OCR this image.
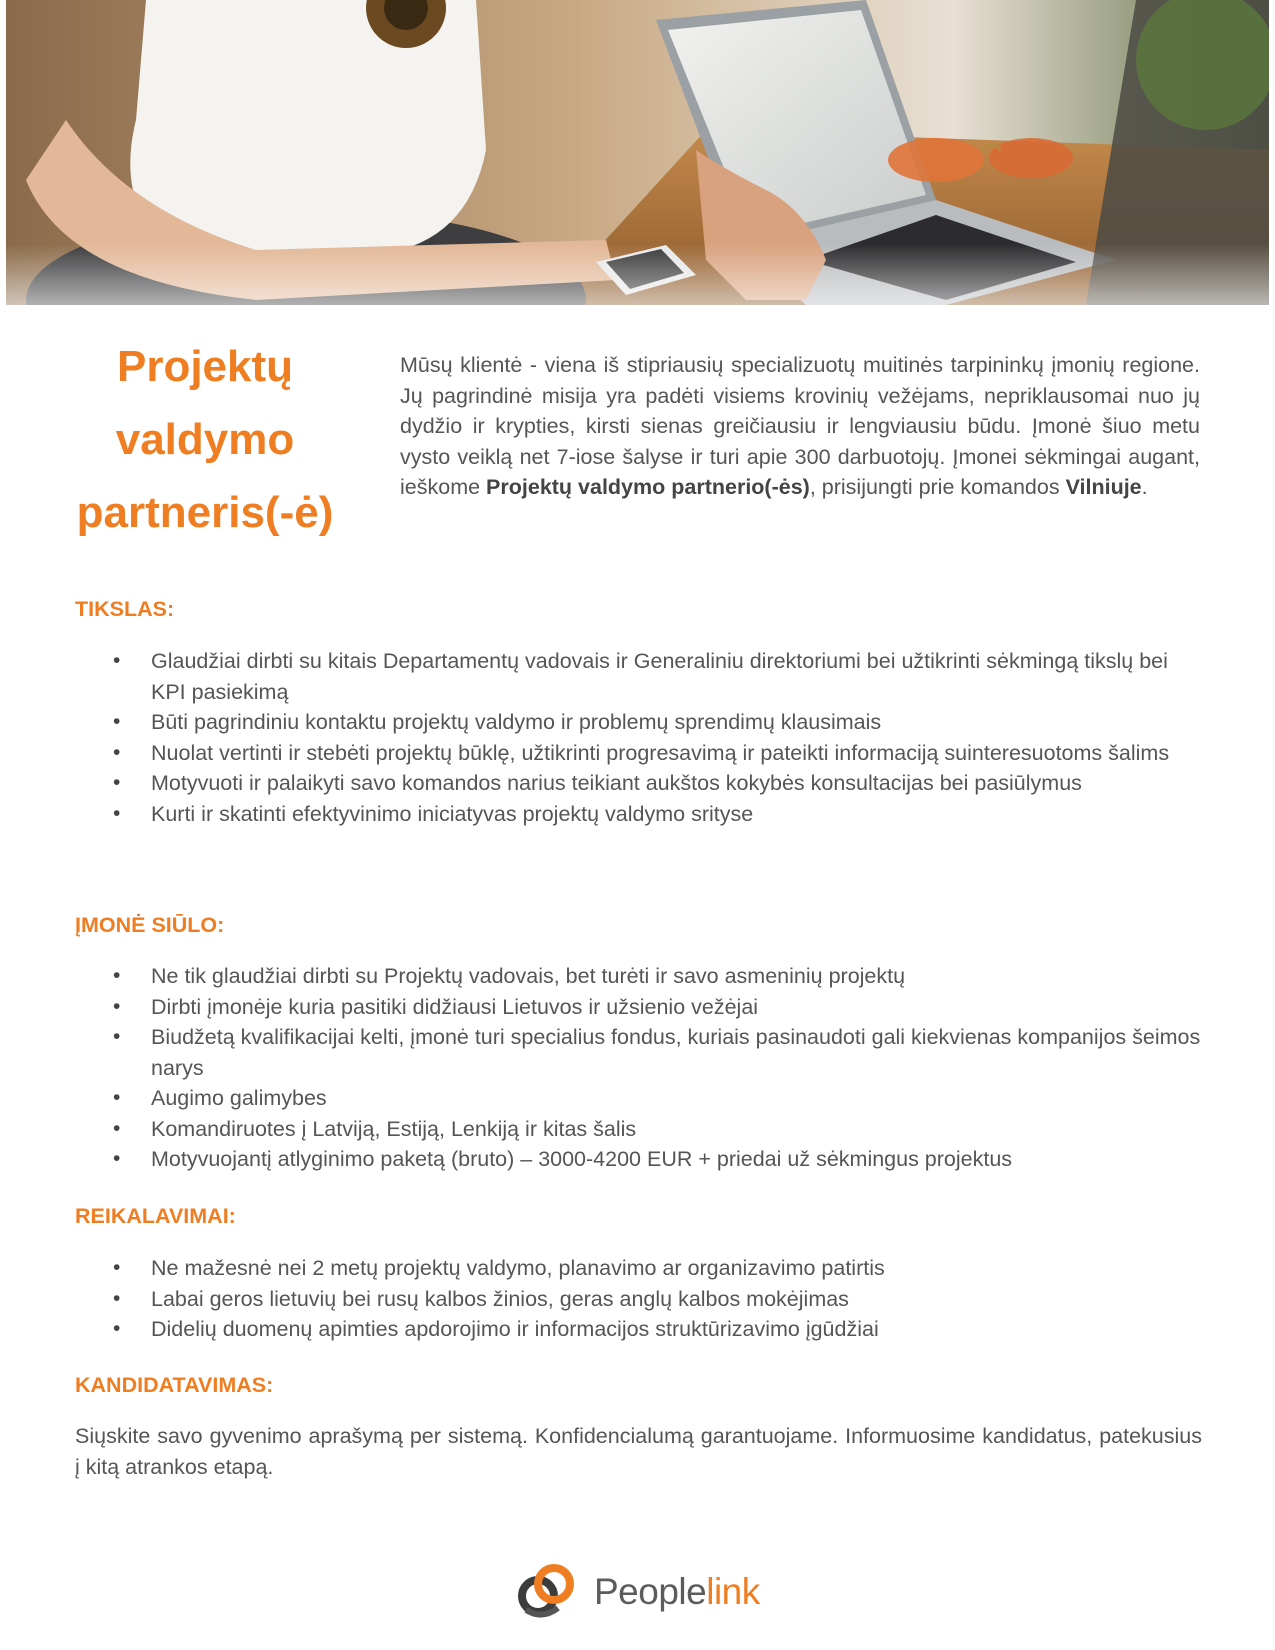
Projektų
valdymo
partneris(-ė)

Mūsų klientė - viena iš stipriausių specializuotų muitinės tarpininkų įmonių regione. Jų pagrindinė misija yra padėti visiems krovinių vežėjams, nepriklausomai nuo jų dydžio ir krypties, kirsti sienas greičiausiu ir lengviausiu būdu. Įmonė šiuo metu vysto veiklą net 7-iose šalyse ir turi apie 300 darbuotojų. Įmonei sėkmingai augant, ieškome Projektų valdymo partnerio(-ės), prisijungti prie komandos Vilniuje.

TIKSLAS:
• Glaudžiai dirbti su kitais Departamentų vadovais ir Generaliniu direktoriumi bei užtikrinti sėkmingą tikslų bei KPI pasiekimą
• Būti pagrindiniu kontaktu projektų valdymo ir problemų sprendimų klausimais
• Nuolat vertinti ir stebėti projektų būklę, užtikrinti progresavimą ir pateikti informaciją suinteresuotoms šalims
• Motyvuoti ir palaikyti savo komandos narius teikiant aukštos kokybės konsultacijas bei pasiūlymus
• Kurti ir skatinti efektyvinimo iniciatyvas projektų valdymo srityse
ĮMONĖ SIŪLO:
• Ne tik glaudžiai dirbti su Projektų vadovais, bet turėti ir savo asmeninių projektų
• Dirbti įmonėje kuria pasitiki didžiausi Lietuvos ir užsienio vežėjai
• Biudžetą kvalifikacijai kelti, įmonė turi specialius fondus, kuriais pasinaudoti gali kiekvienas kompanijos šeimos narys
• Augimo galimybes
• Komandiruotes į Latviją, Estiją, Lenkiją ir kitas šalis
• Motyvuojantį atlyginimo paketą (bruto) – 3000-4200 EUR + priedai už sėkmingus projektus
REIKALAVIMAI:
• Ne mažesnė nei 2 metų projektų valdymo, planavimo ar organizavimo patirtis
• Labai geros lietuvių bei rusų kalbos žinios, geras anglų kalbos mokėjimas
• Didelių duomenų apimties apdorojimo ir informacijos struktūrizavimo įgūdžiai
KANDIDATAVIMAS:

Siųskite savo gyvenimo aprašymą per sistemą. Konfidencialumą garantuojame. Informuosime kandidatus, patekusius į kitą atrankos etapą.

Peoplelink
